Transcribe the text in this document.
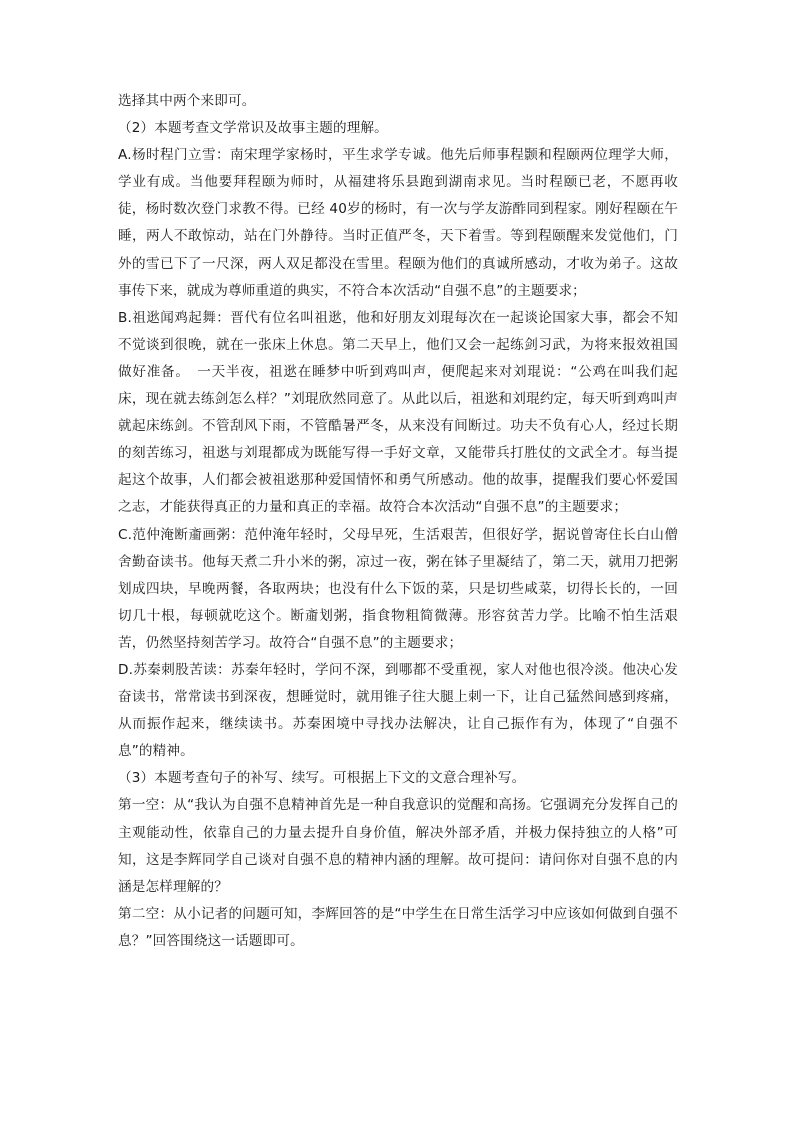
选择其中两个来即可。

（2）本题考查文学常识及故事主题的理解。

A.杨时程门立雪：南宋理学家杨时，平生求学专诚。他先后师事程颢和程颐两位理学大师，学业有成。当他要拜程颐为师时，从福建将乐县跑到湖南求见。当时程颐已老，不愿再收徒，杨时数次登门求教不得。已经 40岁的杨时，有一次与学友游酢同到程家。刚好程颐在午睡，两人不敢惊动，站在门外静待。当时正值严冬，天下着雪。等到程颐醒来发觉他们，门外的雪已下了一尺深，两人双足都没在雪里。程颐为他们的真诚所感动，才收为弟子。这故事传下来，就成为尊师重道的典实，不符合本次活动“自强不息”的主题要求；

B.祖逖闻鸡起舞：晋代有位名叫祖逖，他和好朋友刘琨每次在一起谈论国家大事，都会不知不觉谈到很晚，就在一张床上休息。第二天早上，他们又会一起练剑习武，为将来报效祖国做好准备。　一天半夜，祖逖在睡梦中听到鸡叫声，便爬起来对刘琨说：“公鸡在叫我们起床，现在就去练剑怎么样？”刘琨欣然同意了。从此以后，祖逖和刘琨约定，每天听到鸡叫声就起床练剑。不管刮风下雨，不管酷暑严冬，从来没有间断过。功夫不负有心人，经过长期的刻苦练习，祖逖与刘琨都成为既能写得一手好文章，又能带兵打胜仗的文武全才。每当提起这个故事，人们都会被祖逖那种爱国情怀和勇气所感动。他的故事，提醒我们要心怀爱国之志，才能获得真正的力量和真正的幸福。故符合本次活动“自强不息”的主题要求；

C.范仲淹断齑画粥：范仲淹年轻时，父母早死，生活艰苦，但很好学，据说曾寄住长白山僧舍勤奋读书。他每天煮二升小米的粥，凉过一夜，粥在钵子里凝结了，第二天，就用刀把粥划成四块，早晚两餐，各取两块；也没有什么下饭的菜，只是切些咸菜，切得长长的，一回切几十根，每顿就吃这个。断齑划粥，指食物粗简微薄。形容贫苦力学。比喻不怕生活艰苦，仍然坚持刻苦学习。故符合“自强不息”的主题要求；

D.苏秦刺股苦读：苏秦年轻时，学问不深，到哪都不受重视，家人对他也很冷淡。他决心发奋读书，常常读书到深夜，想睡觉时，就用锥子往大腿上刺一下，让自己猛然间感到疼痛，从而振作起来，继续读书。苏秦困境中寻找办法解决，让自己振作有为，体现了“自强不息”的精神。

（3）本题考查句子的补写、续写。可根据上下文的文意合理补写。

第一空：从“我认为自强不息精神首先是一种自我意识的觉醒和高扬。它强调充分发挥自己的主观能动性，依靠自己的力量去提升自身价值，解决外部矛盾，并极力保持独立的人格”可知，这是李辉同学自己谈对自强不息的精神内涵的理解。故可提问：请问你对自强不息的内涵是怎样理解的？

第二空：从小记者的问题可知，李辉回答的是“中学生在日常生活学习中应该如何做到自强不息？”回答围绕这一话题即可。
